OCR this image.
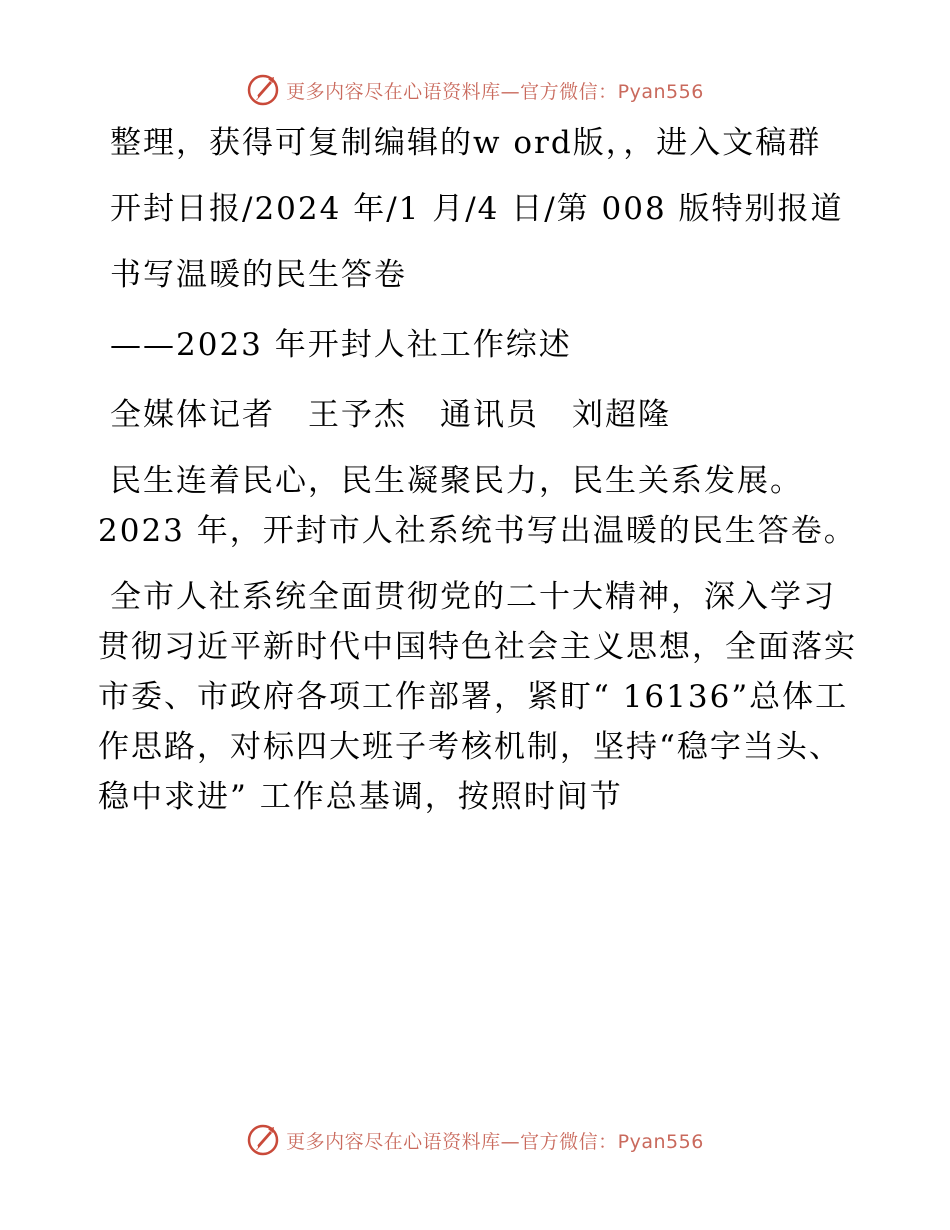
更多内容尽在心语资料库—官方微信：Pyan556

整理，获得可复制编辑的w ord版，，进入文稿群

开封日报/2024 年/1 月/4 日/第 008 版特别报道

书写温暖的民生答卷

——2023 年开封人社工作综述

全媒体记者　王予杰　通讯员　刘超隆

民生连着民心，民生凝聚民力，民生关系发展。2023 年，开封市人社系统书写出温暖的民生答卷。

全市人社系统全面贯彻党的二十大精神，深入学习贯彻习近平新时代中国特色社会主义思想，全面落实市委、市政府各项工作部署，紧盯“ 16136”总体工作思路，对标四大班子考核机制，坚持“稳字当头、稳中求进” 工作总基调，按照时间节

更多内容尽在心语资料库—官方微信：Pyan556
